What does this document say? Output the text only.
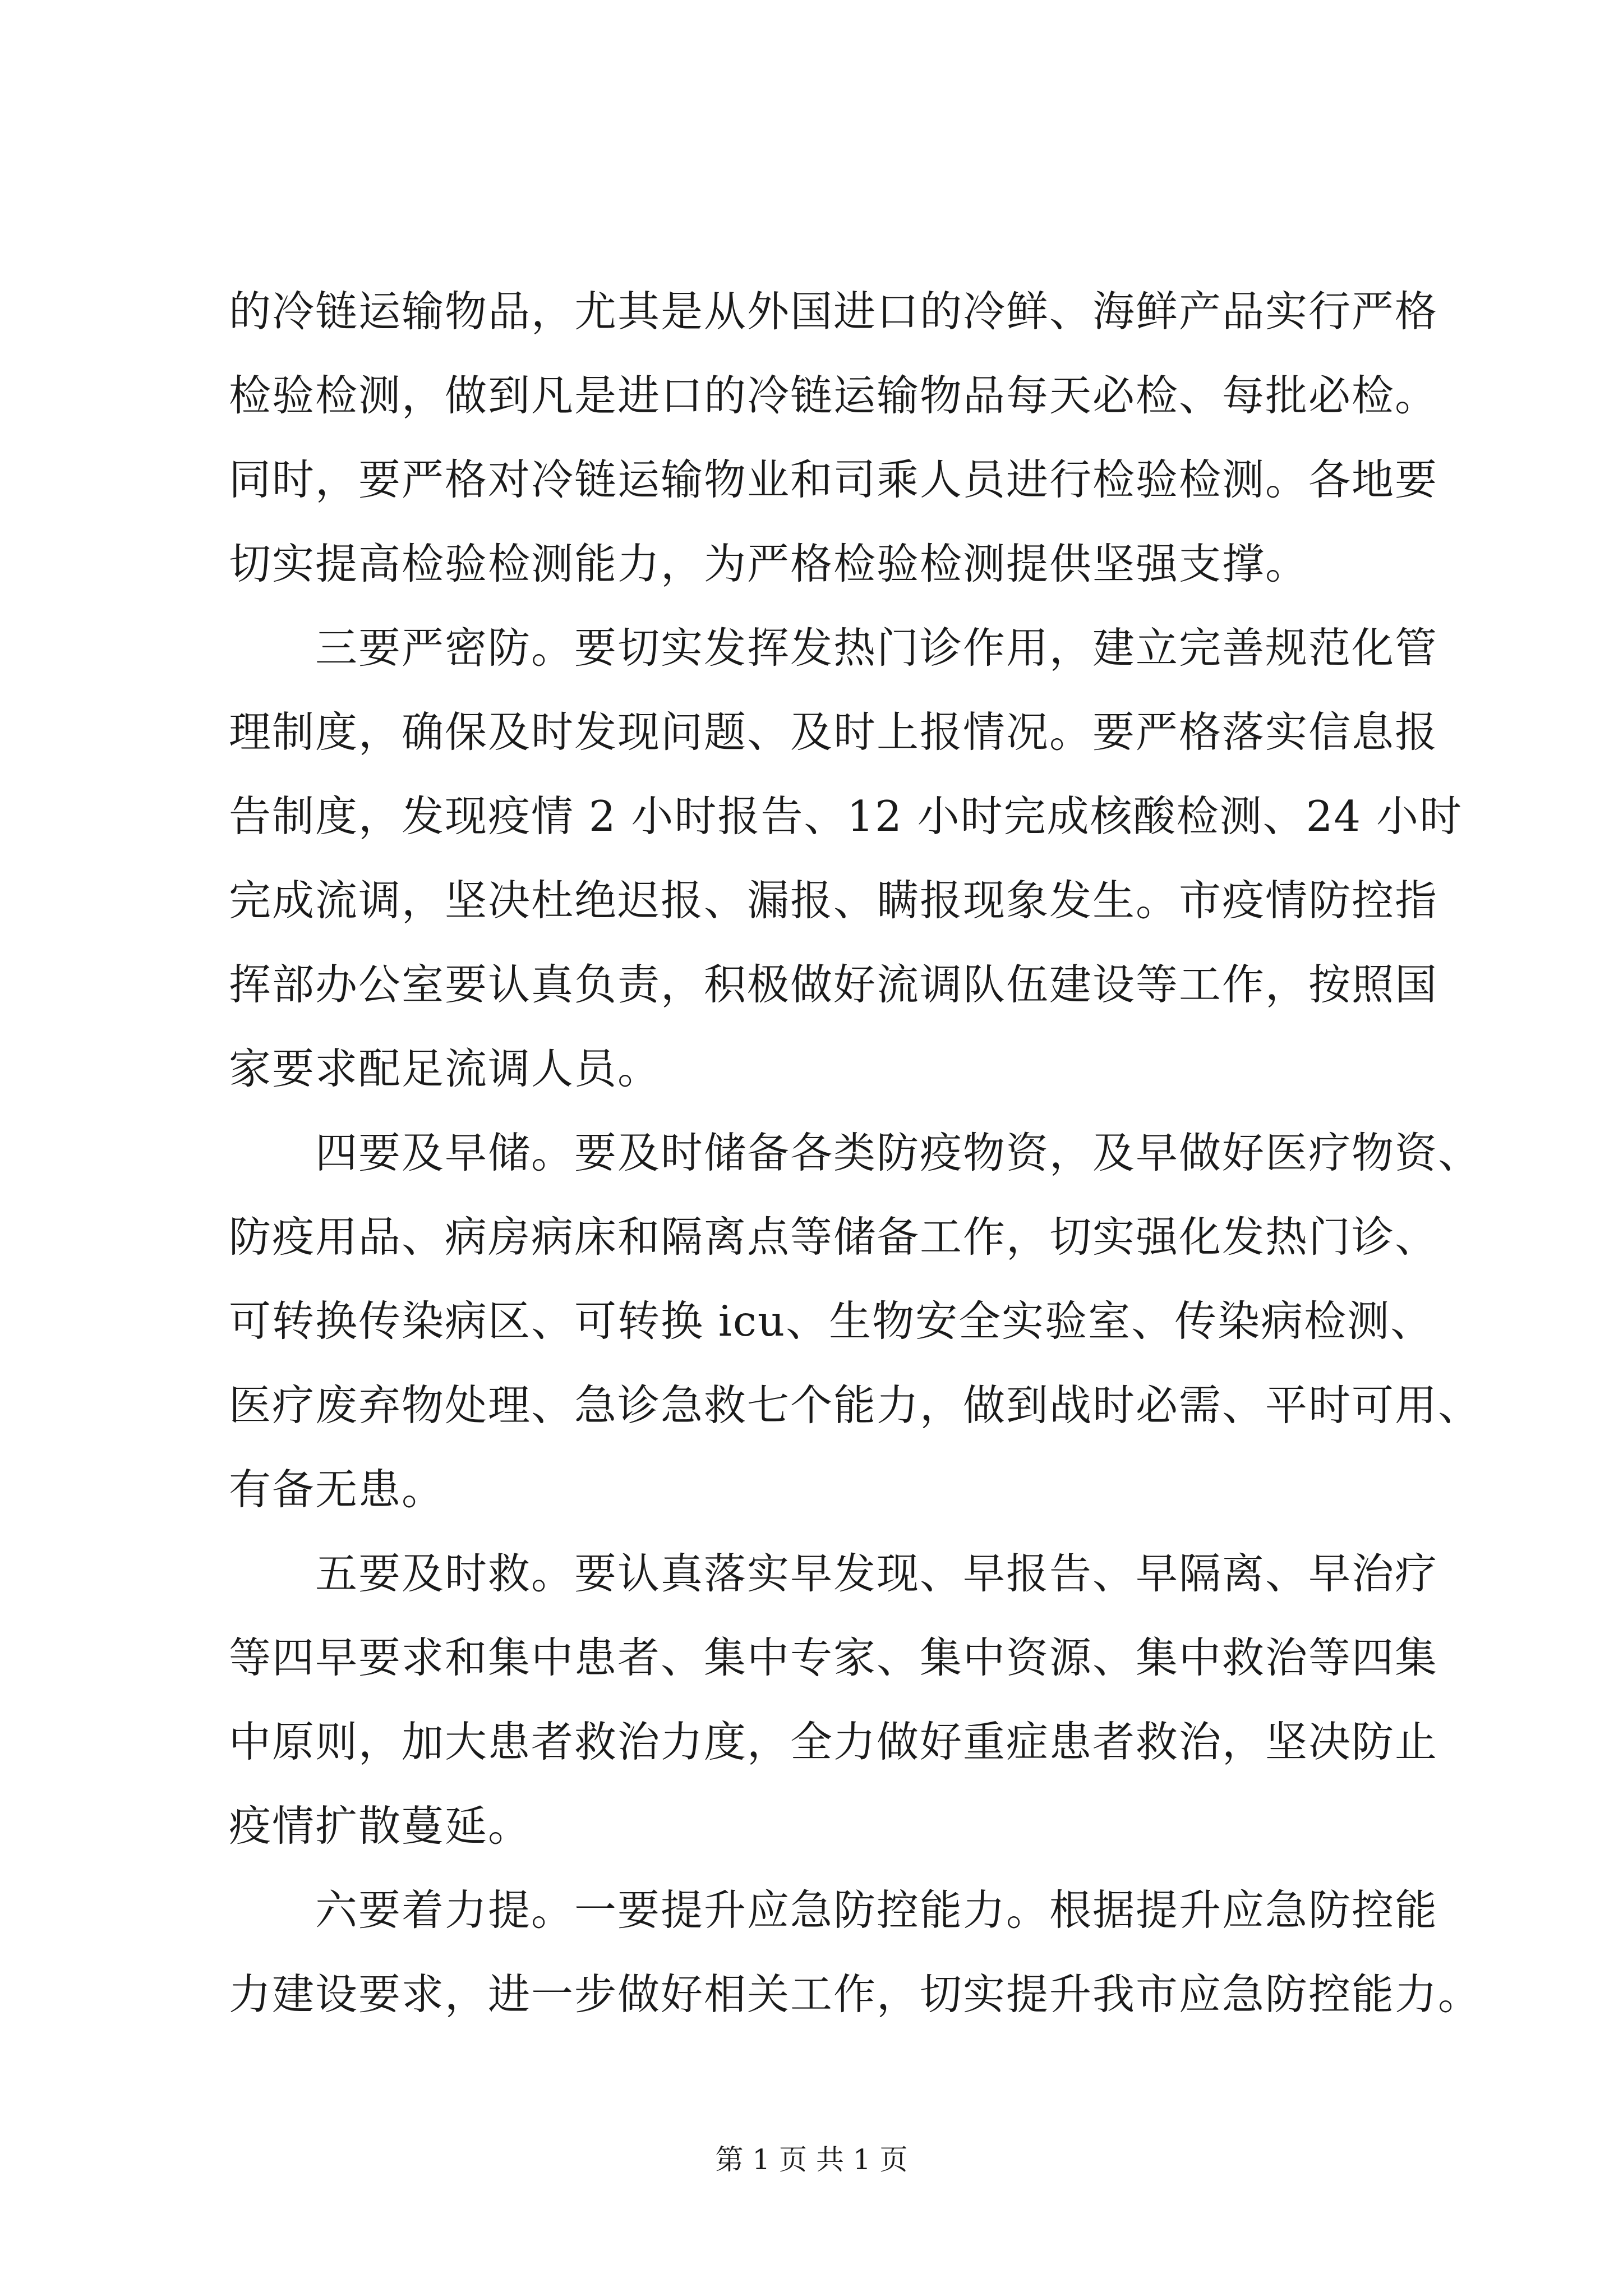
的冷链运输物品，尤其是从外国进口的冷鲜、海鲜产品实行严格
检验检测，做到凡是进口的冷链运输物品每天必检、每批必检。
同时，要严格对冷链运输物业和司乘人员进行检验检测。各地要
切实提高检验检测能力，为严格检验检测提供坚强支撑。
　　三要严密防。要切实发挥发热门诊作用，建立完善规范化管
理制度，确保及时发现问题、及时上报情况。要严格落实信息报
告制度，发现疫情 2 小时报告、12 小时完成核酸检测、24 小时
完成流调，坚决杜绝迟报、漏报、瞒报现象发生。市疫情防控指
挥部办公室要认真负责，积极做好流调队伍建设等工作，按照国
家要求配足流调人员。
　　四要及早储。要及时储备各类防疫物资，及早做好医疗物资、
防疫用品、病房病床和隔离点等储备工作，切实强化发热门诊、
可转换传染病区、可转换 icu、生物安全实验室、传染病检测、
医疗废弃物处理、急诊急救七个能力，做到战时必需、平时可用、
有备无患。
　　五要及时救。要认真落实早发现、早报告、早隔离、早治疗
等四早要求和集中患者、集中专家、集中资源、集中救治等四集
中原则，加大患者救治力度，全力做好重症患者救治，坚决防止
疫情扩散蔓延。
　　六要着力提。一要提升应急防控能力。根据提升应急防控能
力建设要求，进一步做好相关工作，切实提升我市应急防控能力。
第 1 页 共 1 页
